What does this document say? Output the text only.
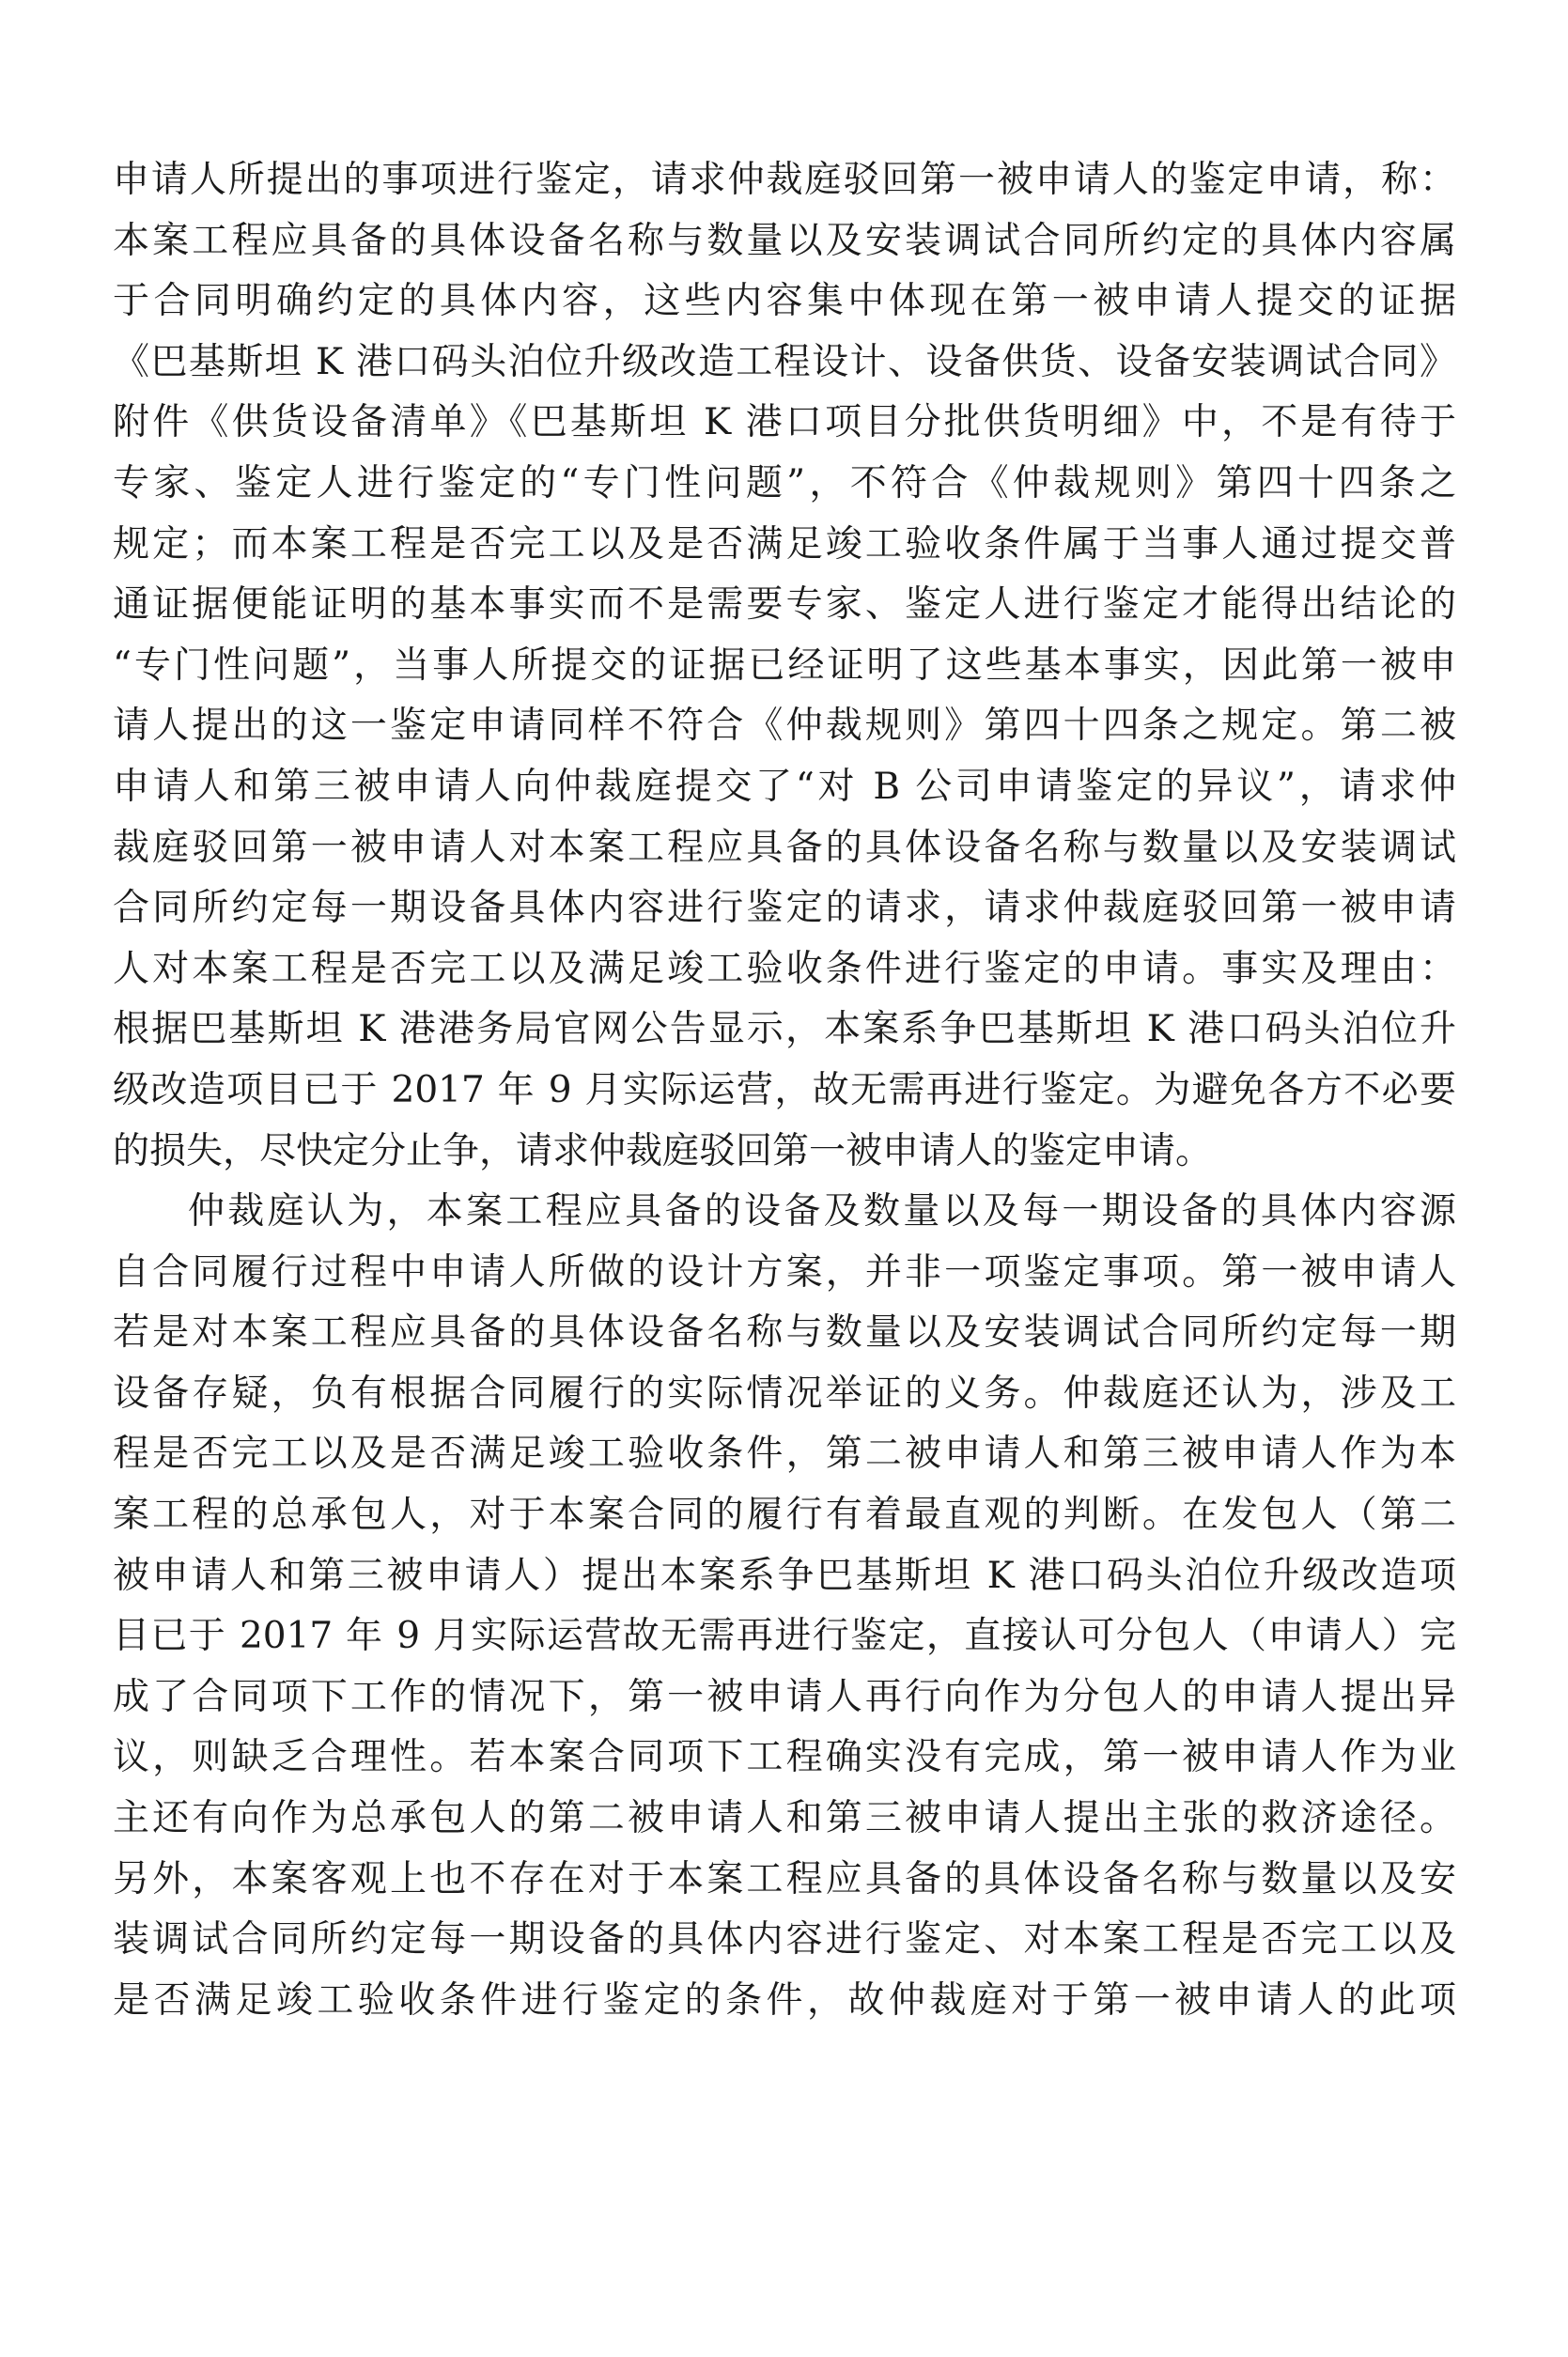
申请人所提出的事项进行鉴定，请求仲裁庭驳回第一被申请人的鉴定申请，称：
本案工程应具备的具体设备名称与数量以及安装调试合同所约定的具体内容属
于合同明确约定的具体内容，这些内容集中体现在第一被申请人提交的证据
《巴基斯坦 K 港口码头泊位升级改造工程设计、设备供货、设备安装调试合同》
附件《供货设备清单》《巴基斯坦 K 港口项目分批供货明细》中，不是有待于
专家、鉴定人进行鉴定的“专门性问题”，不符合《仲裁规则》第四十四条之
规定；而本案工程是否完工以及是否满足竣工验收条件属于当事人通过提交普
通证据便能证明的基本事实而不是需要专家、鉴定人进行鉴定才能得出结论的
“专门性问题”，当事人所提交的证据已经证明了这些基本事实，因此第一被申
请人提出的这一鉴定申请同样不符合《仲裁规则》第四十四条之规定。第二被
申请人和第三被申请人向仲裁庭提交了“对 B 公司申请鉴定的异议”，请求仲
裁庭驳回第一被申请人对本案工程应具备的具体设备名称与数量以及安装调试
合同所约定每一期设备具体内容进行鉴定的请求，请求仲裁庭驳回第一被申请
人对本案工程是否完工以及满足竣工验收条件进行鉴定的申请。事实及理由：
根据巴基斯坦 K 港港务局官网公告显示，本案系争巴基斯坦 K 港口码头泊位升
级改造项目已于 2017 年 9 月实际运营，故无需再进行鉴定。为避免各方不必要
的损失，尽快定分止争，请求仲裁庭驳回第一被申请人的鉴定申请。
仲裁庭认为，本案工程应具备的设备及数量以及每一期设备的具体内容源
自合同履行过程中申请人所做的设计方案，并非一项鉴定事项。第一被申请人
若是对本案工程应具备的具体设备名称与数量以及安装调试合同所约定每一期
设备存疑，负有根据合同履行的实际情况举证的义务。仲裁庭还认为，涉及工
程是否完工以及是否满足竣工验收条件，第二被申请人和第三被申请人作为本
案工程的总承包人，对于本案合同的履行有着最直观的判断。在发包人（第二
被申请人和第三被申请人）提出本案系争巴基斯坦 K 港口码头泊位升级改造项
目已于 2017 年 9 月实际运营故无需再进行鉴定，直接认可分包人（申请人）完
成了合同项下工作的情况下，第一被申请人再行向作为分包人的申请人提出异
议，则缺乏合理性。若本案合同项下工程确实没有完成，第一被申请人作为业
主还有向作为总承包人的第二被申请人和第三被申请人提出主张的救济途径。
另外，本案客观上也不存在对于本案工程应具备的具体设备名称与数量以及安
装调试合同所约定每一期设备的具体内容进行鉴定、对本案工程是否完工以及
是否满足竣工验收条件进行鉴定的条件，故仲裁庭对于第一被申请人的此项
